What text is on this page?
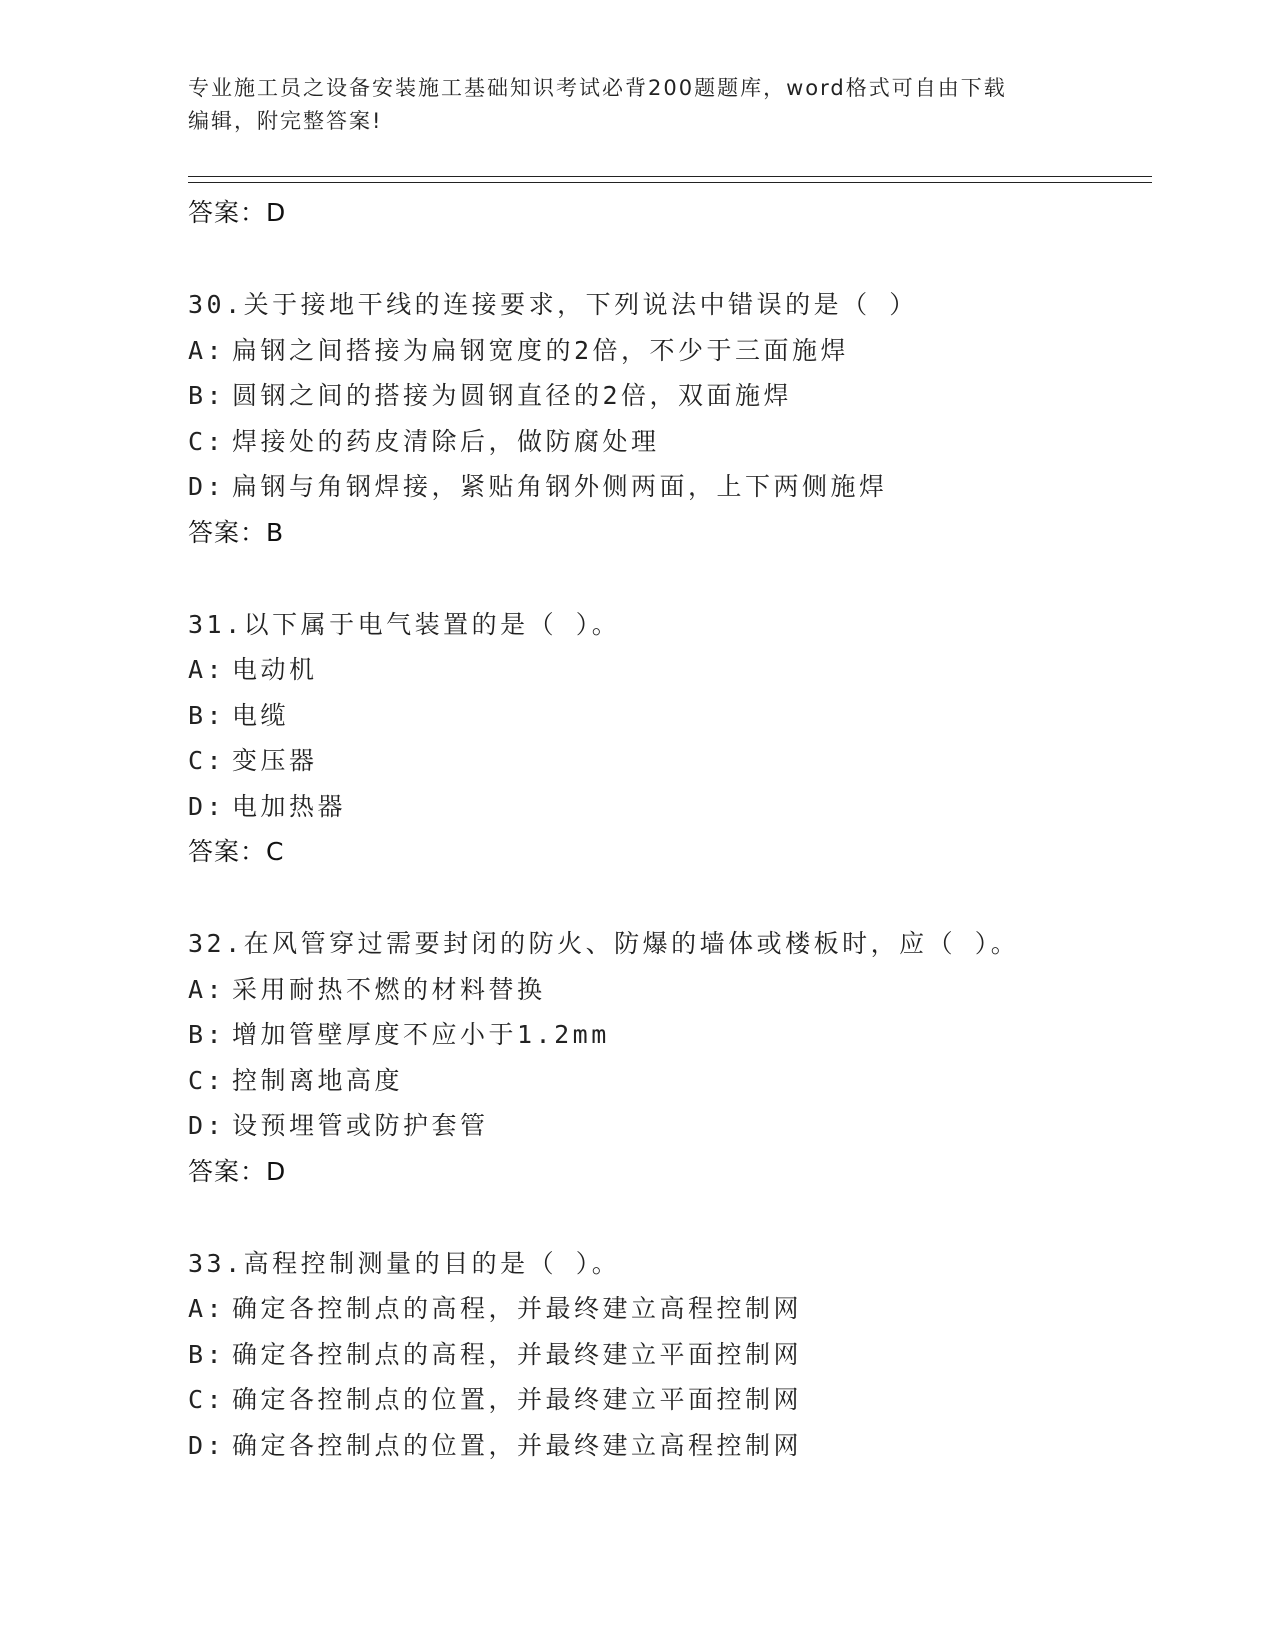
专业施工员之设备安装施工基础知识考试必背200题题库，word格式可自由下载
编辑，附完整答案!
答案：D
30.关于接地干线的连接要求，下列说法中错误的是（ ）
A: 扁钢之间搭接为扁钢宽度的2倍，不少于三面施焊
B: 圆钢之间的搭接为圆钢直径的2倍，双面施焊
C: 焊接处的药皮清除后，做防腐处理
D: 扁钢与角钢焊接，紧贴角钢外侧两面，上下两侧施焊
答案：B
31.以下属于电气装置的是（ ）。
A: 电动机
B: 电缆
C: 变压器
D: 电加热器
答案：C
32.在风管穿过需要封闭的防火、防爆的墙体或楼板时，应（ ）。
A: 采用耐热不燃的材料替换
B: 增加管壁厚度不应小于1.2mm
C: 控制离地高度
D: 设预埋管或防护套管
答案：D
33.高程控制测量的目的是（ ）。
A: 确定各控制点的高程，并最终建立高程控制网
B: 确定各控制点的高程，并最终建立平面控制网
C: 确定各控制点的位置，并最终建立平面控制网
D: 确定各控制点的位置，并最终建立高程控制网
